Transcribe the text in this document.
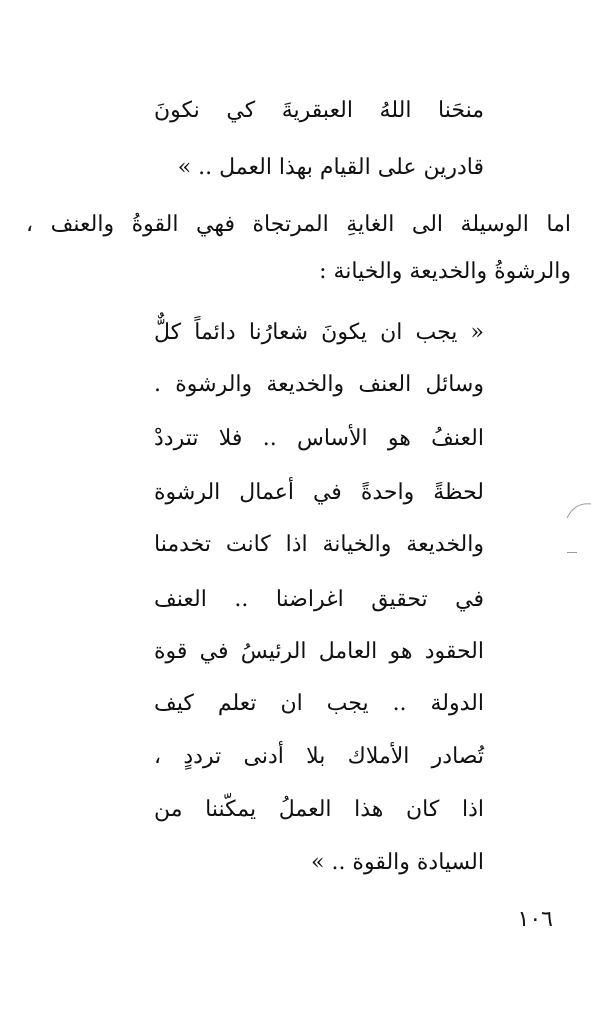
منحَنا اللهُ العبقريةَ كي نكونَ

قادرين على القيام بهذا العمل .. »

اما الوسيلة الى الغايةِ المرتجاة فهي القوةُ والعنف ،

والرشوةُ والخديعة والخيانة :

« يجب ان يكونَ شعارُنا دائماً كلٌّ

وسائل العنف والخديعة والرشوة .

العنفُ هو الأساس .. فلا تترددْ

لحظةً واحدةً في أعمال الرشوة

والخديعة والخيانة اذا كانت تخدمنا

في تحقيق اغراضنا .. العنف

الحقود هو العامل الرئيسُ في قوة

الدولة .. يجب ان تعلم كيف

تُصادر الأملاك بلا أدنى ترددٍ ،

اذا كان هذا العملُ يمكّننا من

السيادة والقوة .. »

١٠٦
